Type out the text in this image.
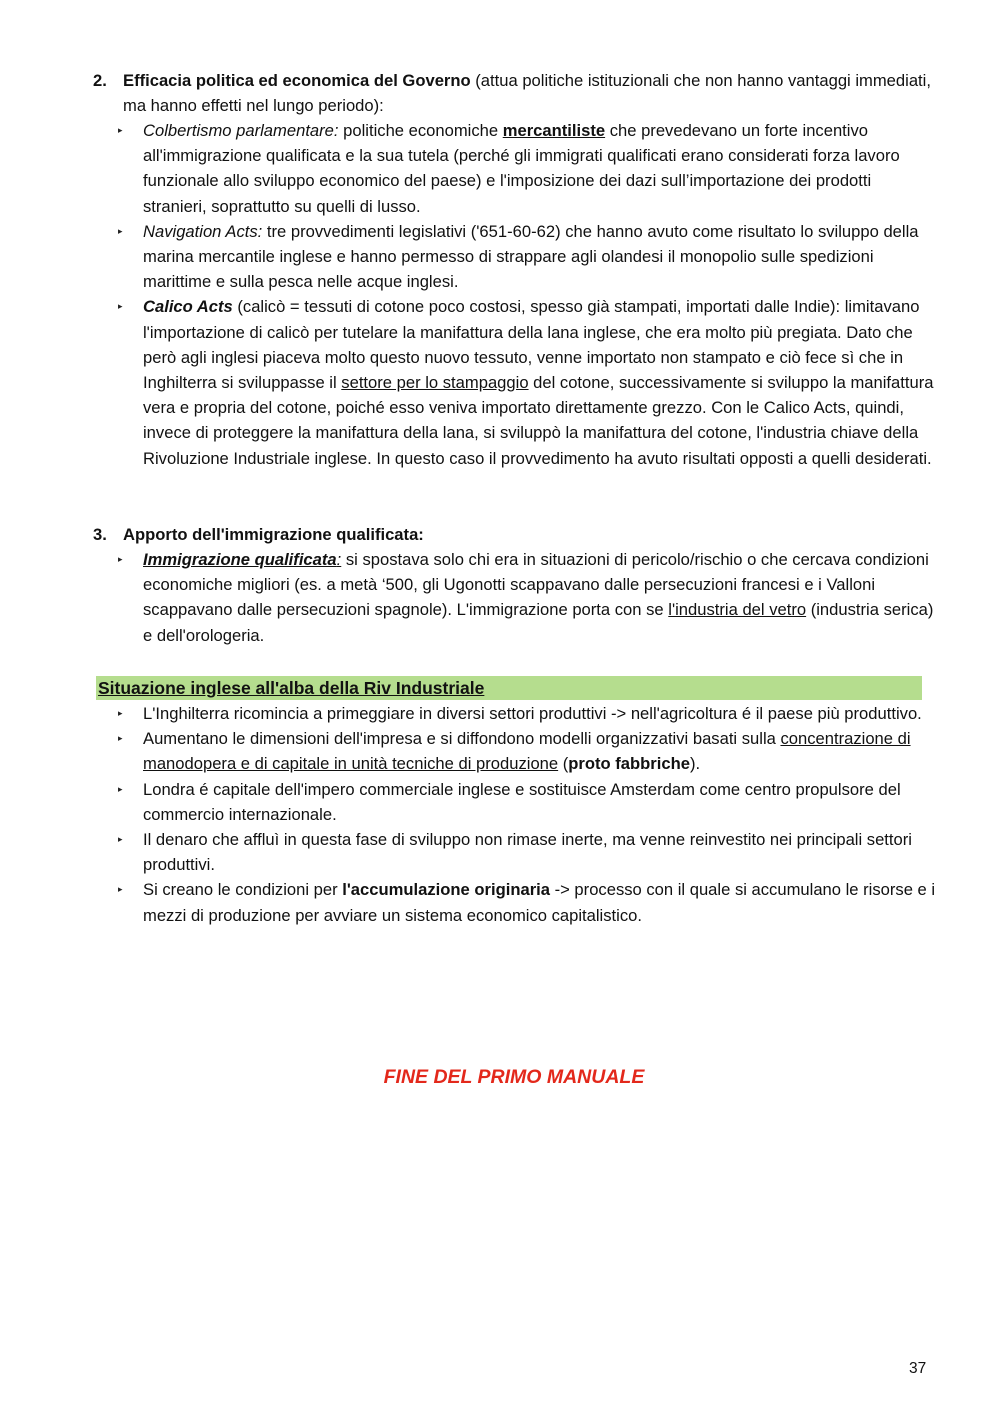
2. Efficacia politica ed economica del Governo (attua politiche istituzionali che non hanno vantaggi immediati, ma hanno effetti nel lungo periodo):
▸ Colbertismo parlamentare: politiche economiche mercantiliste che prevedevano un forte incentivo all'immigrazione qualificata e la sua tutela (perché gli immigrati qualificati erano considerati forza lavoro funzionale allo sviluppo economico del paese) e l'imposizione dei dazi sull’importazione dei prodotti stranieri, soprattutto su quelli di lusso.
▸ Navigation Acts: tre provvedimenti legislativi ('651-60-62) che hanno avuto come risultato lo sviluppo della marina mercantile inglese e hanno permesso di strappare agli olandesi il monopolio sulle spedizioni marittime e sulla pesca nelle acque inglesi.
▸ Calico Acts (calicò = tessuti di cotone poco costosi, spesso già stampati, importati dalle Indie): limitavano l'importazione di calicò per tutelare la manifattura della lana inglese, che era molto più pregiata. Dato che però agli inglesi piaceva molto questo nuovo tessuto, venne importato non stampato e ciò fece sì che in Inghilterra si sviluppasse il settore per lo stampaggio del cotone, successivamente si sviluppo la manifattura vera e propria del cotone, poiché esso veniva importato direttamente grezzo. Con le Calico Acts, quindi, invece di proteggere la manifattura della lana, si sviluppò la manifattura del cotone, l'industria chiave della Rivoluzione Industriale inglese. In questo caso il provvedimento ha avuto risultati opposti a quelli desiderati.
3. Apporto dell'immigrazione qualificata:
▸ Immigrazione qualificata: si spostava solo chi era in situazioni di pericolo/rischio o che cercava condizioni economiche migliori (es. a metà ‘500, gli Ugonotti scappavano dalle persecuzioni francesi e i Valloni scappavano dalle persecuzioni spagnole). L'immigrazione porta con se l'industria del vetro (industria serica) e dell'orologeria.
Situazione inglese all'alba della Riv Industriale
▸ L'Inghilterra ricomincia a primeggiare in diversi settori produttivi -> nell'agricoltura é il paese più produttivo.
▸ Aumentano le dimensioni dell'impresa e si diffondono modelli organizzativi basati sulla concentrazione di manodopera e di capitale in unità tecniche di produzione (proto fabbriche).
▸ Londra é capitale dell'impero commerciale inglese e sostituisce Amsterdam come centro propulsore del commercio internazionale.
▸ Il denaro che affluì in questa fase di sviluppo non rimase inerte, ma venne reinvestito nei principali settori produttivi.
▸ Si creano le condizioni per l'accumulazione originaria -> processo con il quale si accumulano le risorse e i mezzi di produzione per avviare un sistema economico capitalistico.
FINE DEL PRIMO MANUALE
37
